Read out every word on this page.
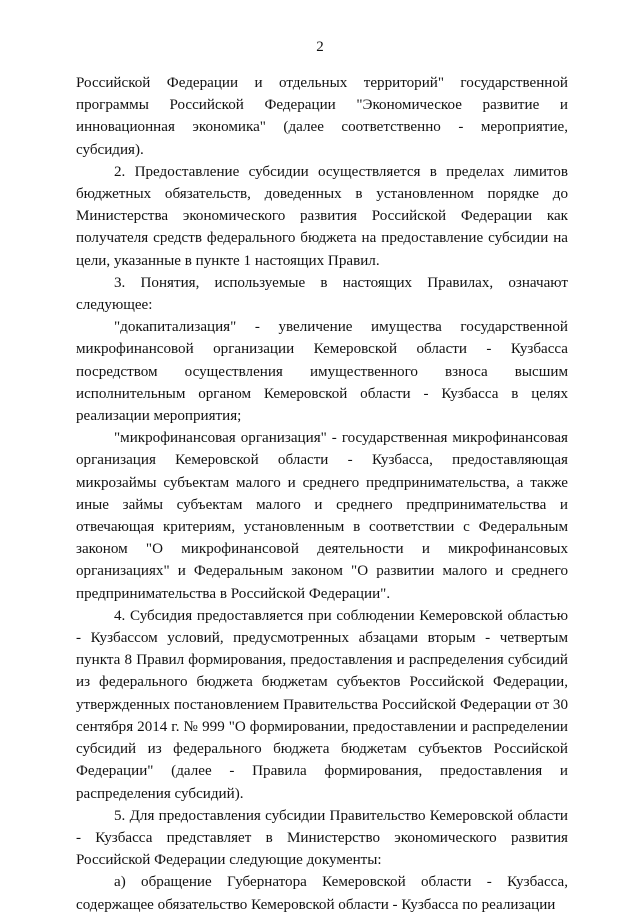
2

Российской Федерации и отдельных территорий" государственной программы Российской Федерации "Экономическое развитие и инновационная экономика" (далее соответственно - мероприятие, субсидия).

2. Предоставление субсидии осуществляется в пределах лимитов бюджетных обязательств, доведенных в установленном порядке до Министерства экономического развития Российской Федерации как получателя средств федерального бюджета на предоставление субсидии на цели, указанные в пункте 1 настоящих Правил.

3. Понятия, используемые в настоящих Правилах, означают следующее:

"докапитализация" - увеличение имущества государственной микрофинансовой организации Кемеровской области - Кузбасса посредством осуществления имущественного взноса высшим исполнительным органом Кемеровской области - Кузбасса в целях реализации мероприятия;

"микрофинансовая организация" - государственная микрофинансовая организация Кемеровской области - Кузбасса, предоставляющая микрозаймы субъектам малого и среднего предпринимательства, а также иные займы субъектам малого и среднего предпринимательства и отвечающая критериям, установленным в соответствии с Федеральным законом "О микрофинансовой деятельности и микрофинансовых организациях" и Федеральным законом "О развитии малого и среднего предпринимательства в Российской Федерации".

4. Субсидия предоставляется при соблюдении Кемеровской областью - Кузбассом условий, предусмотренных абзацами вторым - четвертым пункта 8 Правил формирования, предоставления и распределения субсидий из федерального бюджета бюджетам субъектов Российской Федерации, утвержденных постановлением Правительства Российской Федерации от 30 сентября 2014 г. № 999 "О формировании, предоставлении и распределении субсидий из федерального бюджета бюджетам субъектов Российской Федерации" (далее - Правила формирования, предоставления и распределения субсидий).

5. Для предоставления субсидии Правительство Кемеровской области - Кузбасса представляет в Министерство экономического развития Российской Федерации следующие документы:

а) обращение Губернатора Кемеровской области - Кузбасса, содержащее обязательство Кемеровской области - Кузбасса по реализации
